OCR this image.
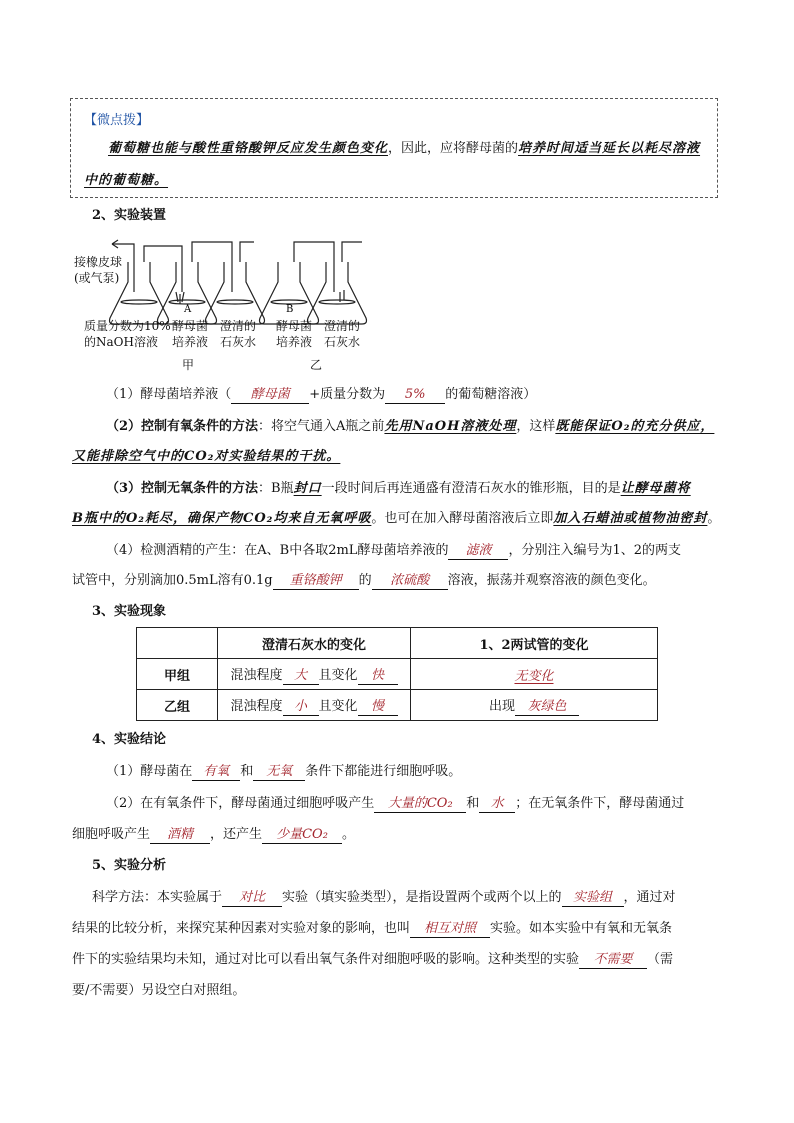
【微点拨】
葡萄糖也能与酸性重铬酸钾反应发生颜色变化，因此，应将酵母菌的培养时间适当延长以耗尽溶液
中的葡萄糖。
2、实验装置
A	B
接橡皮球
(或气泵)
质量分数为10%
的NaOH溶液
酵母菌
培养液
澄清的
石灰水
酵母菌
培养液
澄清的
石灰水
甲	乙
（1）酵母菌培养液（ 酵母菌 +质量分数为 5% 的葡萄糖溶液）
（2）控制有氧条件的方法：将空气通入A瓶之前先用NaOH溶液处理，这样既能保证O₂的充分供应，
又能排除空气中的CO₂对实验结果的干扰。
（3）控制无氧条件的方法：B瓶封口一段时间后再连通盛有澄清石灰水的锥形瓶，目的是让酵母菌将
B瓶中的O₂耗尽，确保产物CO₂均来自无氧呼吸。也可在加入酵母菌溶液后立即加入石蜡油或植物油密封。
（4）检测酒精的产生：在A、B中各取2mL酵母菌培养液的 滤液 ，分别注入编号为1、2的两支
试管中，分别滴加0.5mL溶有0.1g 重铬酸钾 的 浓硫酸 溶液，振荡并观察溶液的颜色变化。
3、实验现象
	澄清石灰水的变化	1、2两试管的变化
甲组	混浊程度 大 且变化 快	无变化
乙组	混浊程度 小 且变化 慢	出现 灰绿色
4、实验结论
（1）酵母菌在 有氧 和 无氧 条件下都能进行细胞呼吸。
（2）在有氧条件下，酵母菌通过细胞呼吸产生 大量的CO₂ 和 水 ；在无氧条件下，酵母菌通过
细胞呼吸产生 酒精 ，还产生 少量CO₂ 。
5、实验分析
科学方法：本实验属于 对比 实验（填实验类型），是指设置两个或两个以上的 实验组 ，通过对
结果的比较分析，来探究某种因素对实验对象的影响，也叫 相互对照 实验。如本实验中有氧和无氧条
件下的实验结果均未知，通过对比可以看出氧气条件对细胞呼吸的影响。这种类型的实验 不需要 （需
要/不需要）另设空白对照组。
